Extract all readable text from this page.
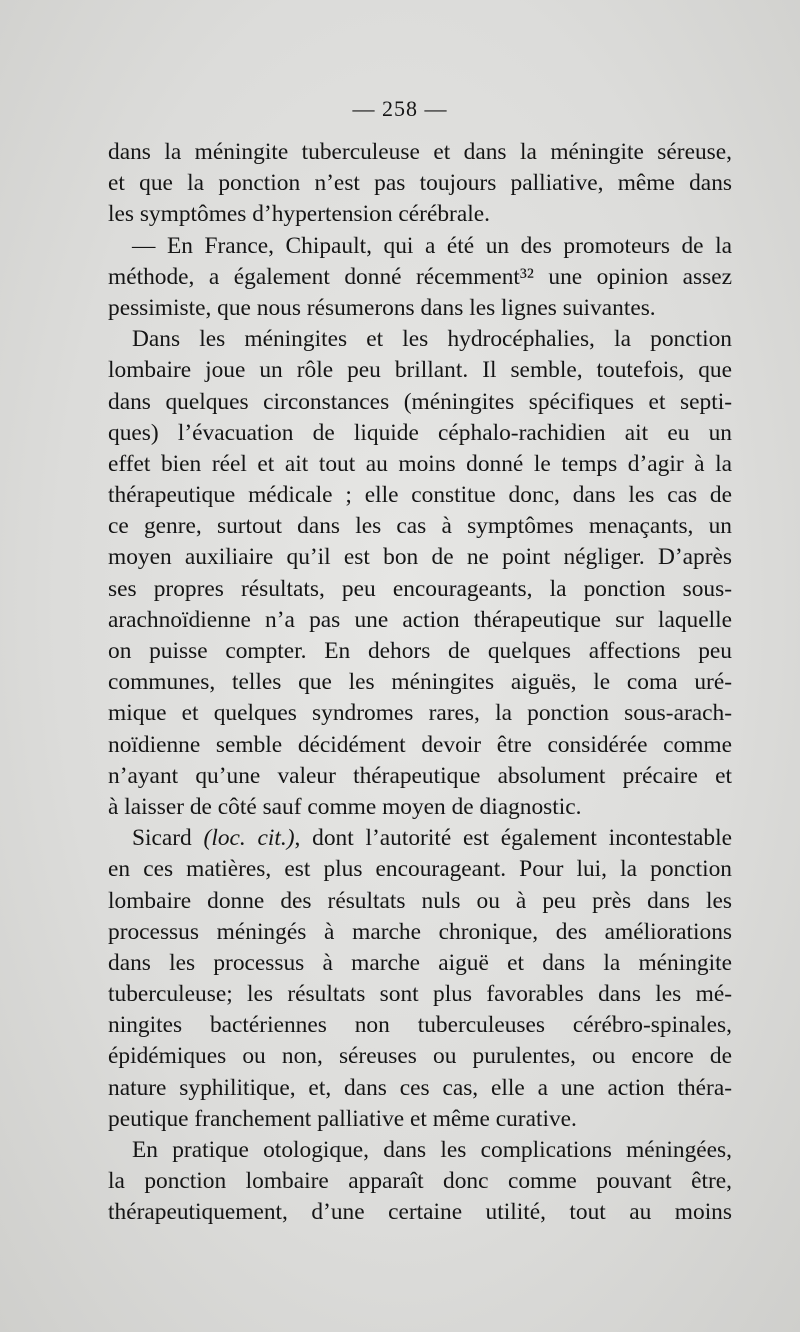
— 258 —
dans la méningite tuberculeuse et dans la méningite séreuse,
et que la ponction n’est pas toujours palliative, même dans
les symptômes d’hypertension cérébrale.
— En France, Chipault, qui a été un des promoteurs de la
méthode, a également donné récemment³² une opinion assez
pessimiste, que nous résumerons dans les lignes suivantes.
Dans les méningites et les hydrocéphalies, la ponction
lombaire joue un rôle peu brillant. Il semble, toutefois, que
dans quelques circonstances (méningites spécifiques et septi-
ques) l’évacuation de liquide céphalo-rachidien ait eu un
effet bien réel et ait tout au moins donné le temps d’agir à la
thérapeutique médicale ; elle constitue donc, dans les cas de
ce genre, surtout dans les cas à symptômes menaçants, un
moyen auxiliaire qu’il est bon de ne point négliger. D’après
ses propres résultats, peu encourageants, la ponction sous-
arachnoïdienne n’a pas une action thérapeutique sur laquelle
on puisse compter. En dehors de quelques affections peu
communes, telles que les méningites aiguës, le coma uré-
mique et quelques syndromes rares, la ponction sous-arach-
noïdienne semble décidément devoir être considérée comme
n’ayant qu’une valeur thérapeutique absolument précaire et
à laisser de côté sauf comme moyen de diagnostic.
Sicard (loc. cit.), dont l’autorité est également incontestable
en ces matières, est plus encourageant. Pour lui, la ponction
lombaire donne des résultats nuls ou à peu près dans les
processus méningés à marche chronique, des améliorations
dans les processus à marche aiguë et dans la méningite
tuberculeuse; les résultats sont plus favorables dans les mé-
ningites bactériennes non tuberculeuses cérébro-spinales,
épidémiques ou non, séreuses ou purulentes, ou encore de
nature syphilitique, et, dans ces cas, elle a une action théra-
peutique franchement palliative et même curative.
En pratique otologique, dans les complications méningées,
la ponction lombaire apparaît donc comme pouvant être,
thérapeutiquement, d’une certaine utilité, tout au moins
